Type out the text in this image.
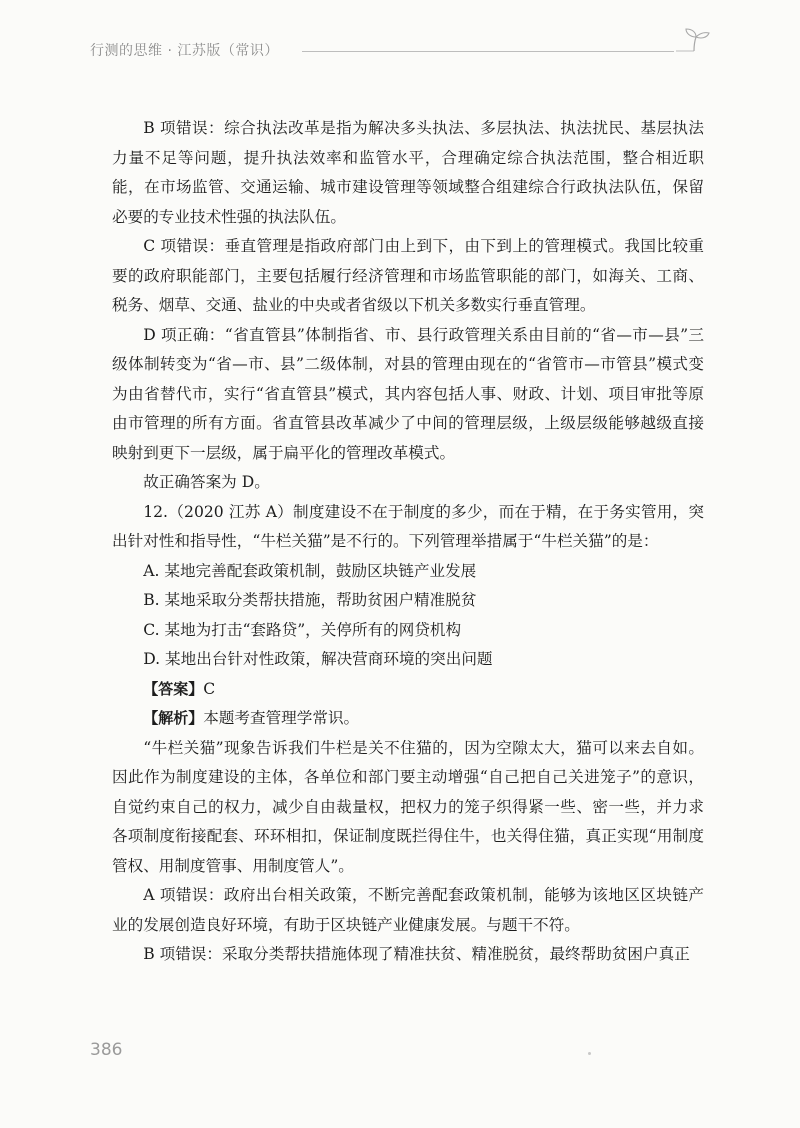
行测的思维 · 江苏版（常识）

B 项错误：综合执法改革是指为解决多头执法、多层执法、执法扰民、基层执法力量不足等问题，提升执法效率和监管水平，合理确定综合执法范围，整合相近职能，在市场监管、交通运输、城市建设管理等领域整合组建综合行政执法队伍，保留必要的专业技术性强的执法队伍。

C 项错误：垂直管理是指政府部门由上到下，由下到上的管理模式。我国比较重要的政府职能部门，主要包括履行经济管理和市场监管职能的部门，如海关、工商、税务、烟草、交通、盐业的中央或者省级以下机关多数实行垂直管理。

D 项正确：“省直管县”体制指省、市、县行政管理关系由目前的“省—市—县”三级体制转变为“省—市、县”二级体制，对县的管理由现在的“省管市—市管县”模式变为由省替代市，实行“省直管县”模式，其内容包括人事、财政、计划、项目审批等原由市管理的所有方面。省直管县改革减少了中间的管理层级，上级层级能够越级直接映射到更下一层级，属于扁平化的管理改革模式。

故正确答案为 D。

12.（2020 江苏 A）制度建设不在于制度的多少，而在于精，在于务实管用，突出针对性和指导性，“牛栏关猫”是不行的。下列管理举措属于“牛栏关猫”的是：

A. 某地完善配套政策机制，鼓励区块链产业发展

B. 某地采取分类帮扶措施，帮助贫困户精准脱贫

C. 某地为打击“套路贷”，关停所有的网贷机构

D. 某地出台针对性政策，解决营商环境的突出问题

【答案】C

【解析】本题考查管理学常识。

“牛栏关猫”现象告诉我们牛栏是关不住猫的，因为空隙太大，猫可以来去自如。因此作为制度建设的主体，各单位和部门要主动增强“自己把自己关进笼子”的意识，自觉约束自己的权力，减少自由裁量权，把权力的笼子织得紧一些、密一些，并力求各项制度衔接配套、环环相扣，保证制度既拦得住牛，也关得住猫，真正实现“用制度管权、用制度管事、用制度管人”。

A 项错误：政府出台相关政策，不断完善配套政策机制，能够为该地区区块链产业的发展创造良好环境，有助于区块链产业健康发展。与题干不符。

B 项错误：采取分类帮扶措施体现了精准扶贫、精准脱贫，最终帮助贫困户真正

386
